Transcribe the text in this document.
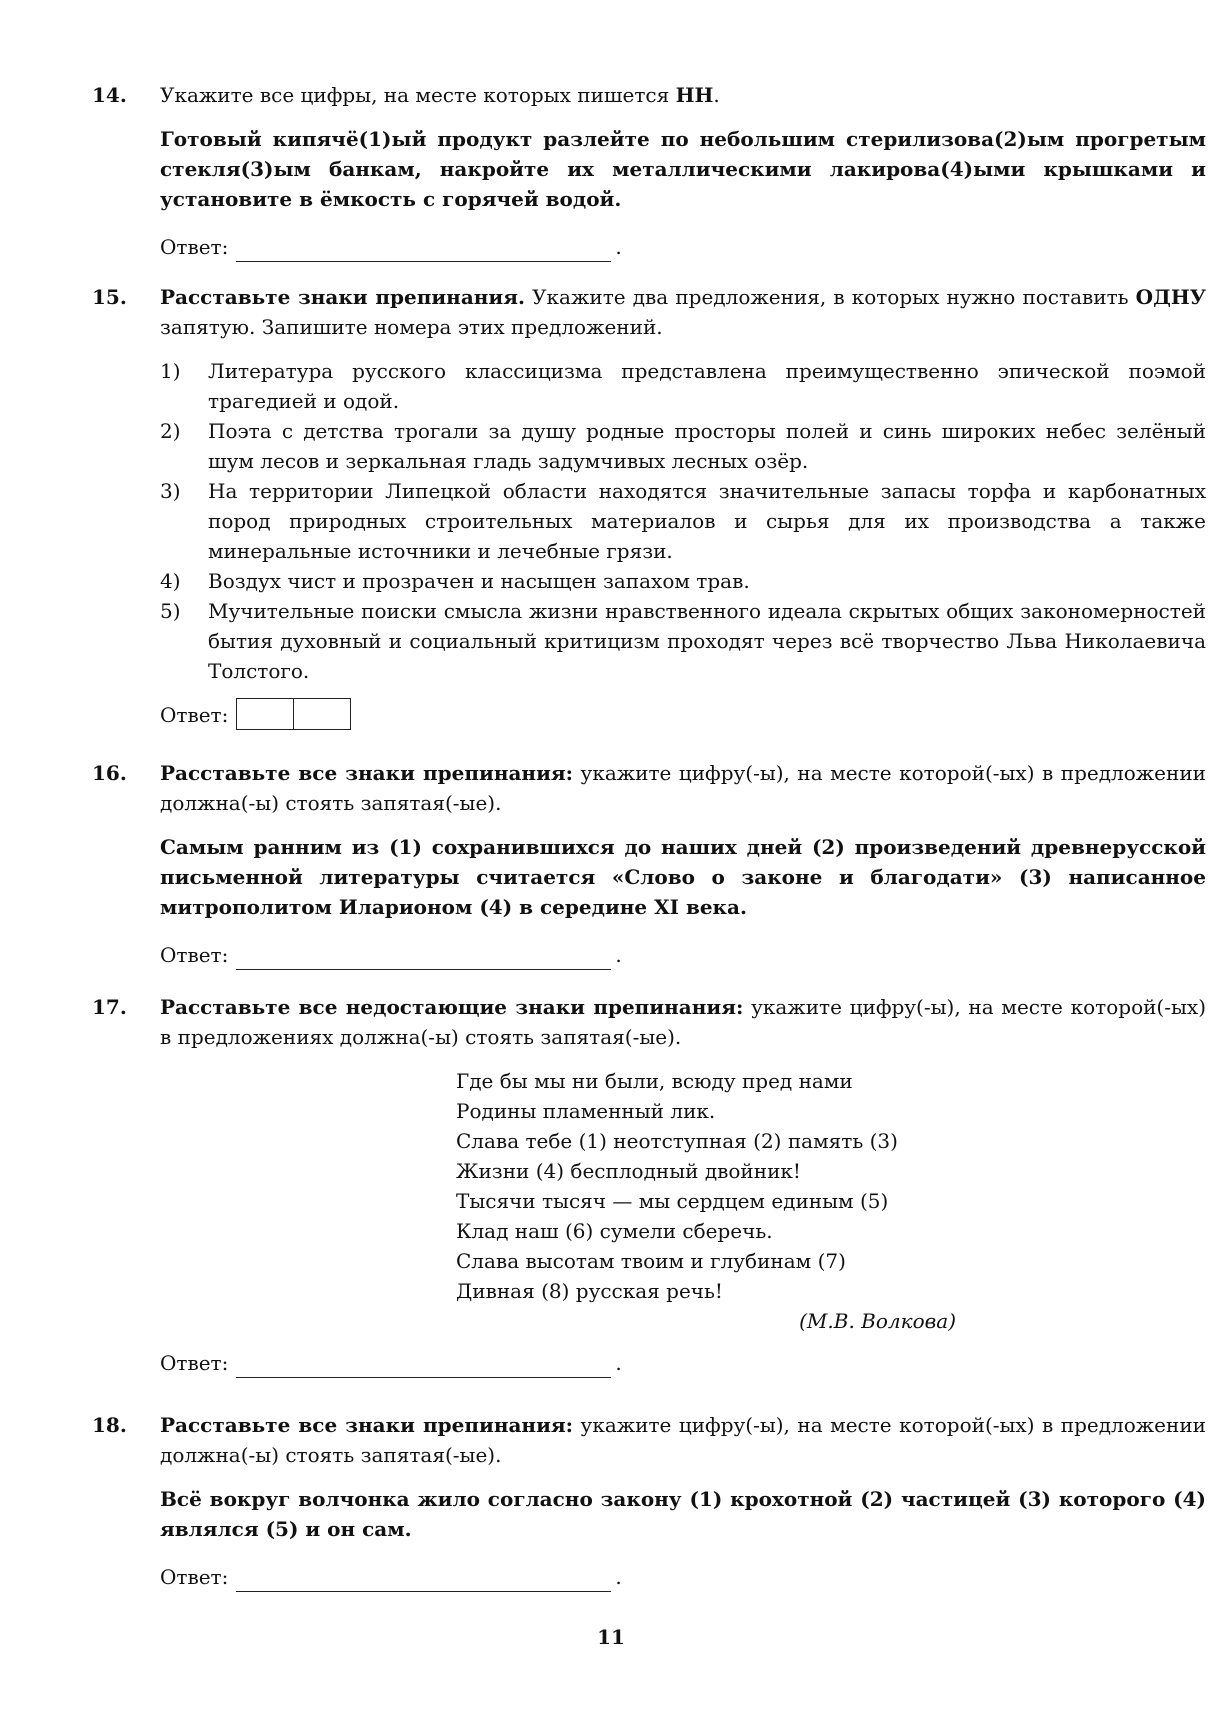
14.	Укажите все цифры, на месте которых пишется НН.

Готовый кипячё(1)ый продукт разлейте по небольшим стерилизова(2)ым прогретым стекля(3)ым банкам, накройте их металлическими лакирова(4)ыми крышками и установите в ёмкость с горячей водой.

Ответ:	.
15.	Расставьте знаки препинания. Укажите два предложения, в которых нужно поставить ОДНУ запятую. Запишите номера этих предложений.

1)	Литература русского классицизма представлена преимущественно эпической поэмой трагедией и одой.
2)	Поэта с детства трогали за душу родные просторы полей и синь широких небес зелёный шум лесов и зеркальная гладь задумчивых лесных озёр.
3)	На территории Липецкой области находятся значительные запасы торфа и карбонатных пород природных строительных материалов и сырья для их производства а также минеральные источники и лечебные грязи.
4)	Воздух чист и прозрачен и насыщен запахом трав.
5)	Мучительные поиски смысла жизни нравственного идеала скрытых общих закономерностей бытия духовный и социальный критицизм проходят через всё творчество Льва Николаевича Толстого.
Ответ:
16.	Расставьте все знаки препинания: укажите цифру(-ы), на месте которой(-ых) в предложении должна(-ы) стоять запятая(-ые).

Самым ранним из (1) сохранившихся до наших дней (2) произведений древнерусской письменной литературы считается «Слово о законе и благодати» (3) написанное митрополитом Иларионом (4) в середине XI века.

Ответ:	.
17.	Расставьте все недостающие знаки препинания: укажите цифру(-ы), на месте которой(-ых) в предложениях должна(-ы) стоять запятая(-ые).

Где бы мы ни были, всюду пред нами
Родины пламенный лик.
Слава тебе (1) неотступная (2) память (3)
Жизни (4) бесплодный двойник!
Тысячи тысяч — мы сердцем единым (5)
Клад наш (6) сумели сберечь.
Слава высотам твоим и глубинам (7)
Дивная (8) русская речь!
(М.В. Волкова)
Ответ:	.
18.	Расставьте все знаки препинания: укажите цифру(-ы), на месте которой(-ых) в предложении должна(-ы) стоять запятая(-ые).

Всё вокруг волчонка жило согласно закону (1) крохотной (2) частицей (3) которого (4) являлся (5) и он сам.

Ответ:	.
11
